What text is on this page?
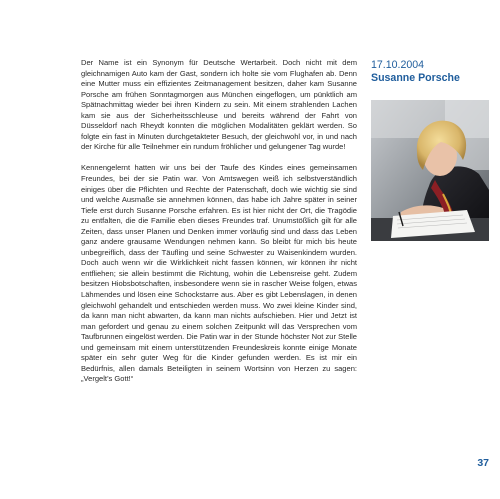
Der Name ist ein Synonym für Deutsche Wertarbeit. Doch nicht mit dem gleichnamigen Auto kam der Gast, sondern ich holte sie vom Flughafen ab. Denn eine Mutter muss ein effizientes Zeitmanagement besitzen, daher kam Susanne Porsche am frühen Sonntagmorgen aus München eingeflogen, um pünktlich am Spätnachmittag wieder bei ihren Kindern zu sein. Mit einem strahlenden Lachen kam sie aus der Sicherheitsschleuse und bereits während der Fahrt von Düsseldorf nach Rheydt konnten die möglichen Modalitäten geklärt werden. So folgte ein fast in Minuten durchgetakteter Besuch, der gleichwohl vor, in und nach der Kirche für alle Teilnehmer ein rundum fröhlicher und gelungener Tag wurde!

Kennengelernt hatten wir uns bei der Taufe des Kindes eines gemeinsamen Freundes, bei der sie Patin war. Von Amtswegen weiß ich selbstverständlich einiges über die Pflichten und Rechte der Patenschaft, doch wie wichtig sie sind und welche Ausmaße sie annehmen können, das habe ich Jahre später in seiner Tiefe erst durch Susanne Porsche erfahren. Es ist hier nicht der Ort, die Tragödie zu entfalten, die die Familie eben dieses Freundes traf. Unumstößlich gilt für alle Zeiten, dass unser Planen und Denken immer vorläufig sind und dass das Leben ganz andere grausame Wendungen nehmen kann. So bleibt für mich bis heute unbegreiflich, dass der Täufling und seine Schwester zu Waisenkindern wurden. Doch auch wenn wir die Wirklichkeit nicht fassen können, wir können ihr nicht entfliehen; sie allein bestimmt die Richtung, wohin die Lebensreise geht. Zudem besitzen Hiobsbotschaften, insbesondere wenn sie in rascher Weise folgen, etwas Lähmendes und lösen eine Schockstarre aus. Aber es gibt Lebenslagen, in denen gleichwohl gehandelt und entschieden werden muss. Wo zwei kleine Kinder sind, da kann man nicht abwarten, da kann man nichts aufschieben. Hier und Jetzt ist man gefordert und genau zu einem solchen Zeitpunkt will das Versprechen vom Taufbrunnen eingelöst werden. Die Patin war in der Stunde höchster Not zur Stelle und gemeinsam mit einem unterstützenden Freundeskreis konnte einige Monate später ein sehr guter Weg für die Kinder gefunden werden. Es ist mir ein Bedürfnis, allen damals Beteiligten in seinem Wortsinn von Herzen zu sagen: „Vergelt’s Gott!“

17.10.2004

Susanne Porsche

37
